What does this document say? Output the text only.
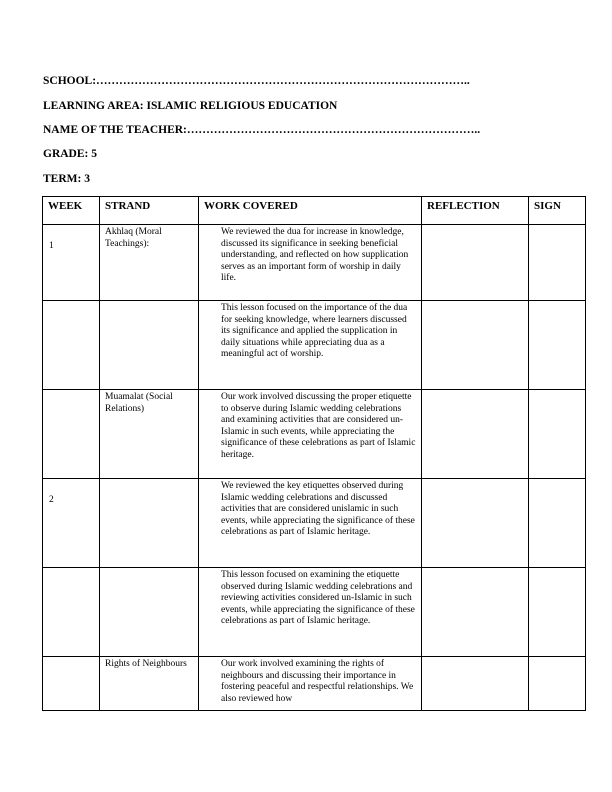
SCHOOL:……………………………………………………………………………………..
LEARNING AREA: ISLAMIC RELIGIOUS EDUCATION
NAME OF THE TEACHER:…………………………………………………………………..
GRADE: 5
TERM: 3
WEEK	STRAND	WORK COVERED	REFLECTION	SIGN
1	Akhlaq (Moral Teachings):	We reviewed the dua for increase in knowledge, discussed its significance in seeking beneficial understanding, and reflected on how supplication serves as an important form of worship in daily life.		
		This lesson focused on the importance of the dua for seeking knowledge, where learners discussed its significance and applied the supplication in daily situations while appreciating dua as a meaningful act of worship.		
	Muamalat (Social Relations)	Our work involved discussing the proper etiquette to observe during Islamic wedding celebrations and examining activities that are considered un-Islamic in such events, while appreciating the significance of these celebrations as part of Islamic heritage.		
2		We reviewed the key etiquettes observed during Islamic wedding celebrations and discussed activities that are considered unislamic in such events, while appreciating the significance of these celebrations as part of Islamic heritage.		
		This lesson focused on examining the etiquette observed during Islamic wedding celebrations and reviewing activities considered un-Islamic in such events, while appreciating the significance of these celebrations as part of Islamic heritage.		
	Rights of Neighbours	Our work involved examining the rights of neighbours and discussing their importance in fostering peaceful and respectful relationships. We also reviewed how		
